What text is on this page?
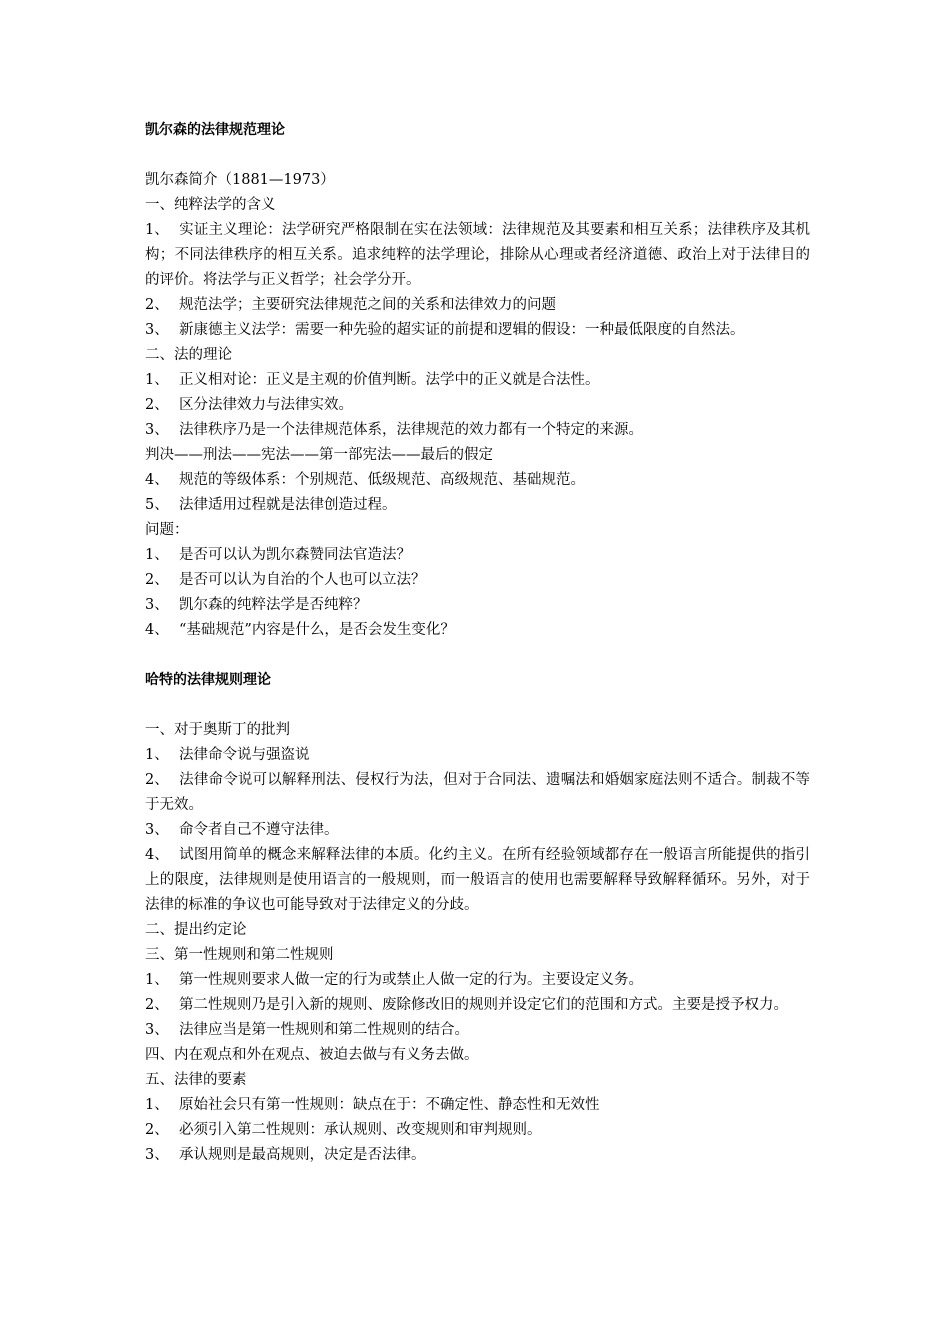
凯尔森的法律规范理论

凯尔森简介（1881—1973）

一、纯粹法学的含义

1、 实证主义理论：法学研究严格限制在实在法领域：法律规范及其要素和相互关系；法律秩序及其机构；不同法律秩序的相互关系。追求纯粹的法学理论，排除从心理或者经济道德、政治上对于法律目的的评价。将法学与正义哲学；社会学分开。

2、 规范法学；主要研究法律规范之间的关系和法律效力的问题

3、 新康德主义法学：需要一种先验的超实证的前提和逻辑的假设：一种最低限度的自然法。

二、法的理论

1、 正义相对论：正义是主观的价值判断。法学中的正义就是合法性。

2、 区分法律效力与法律实效。

3、 法律秩序乃是一个法律规范体系，法律规范的效力都有一个特定的来源。

判决——刑法——宪法——第一部宪法——最后的假定

4、 规范的等级体系：个别规范、低级规范、高级规范、基础规范。

5、 法律适用过程就是法律创造过程。

问题：

1、 是否可以认为凯尔森赞同法官造法？

2、 是否可以认为自治的个人也可以立法？

3、 凯尔森的纯粹法学是否纯粹？

4、 “基础规范”内容是什么，是否会发生变化？

哈特的法律规则理论

一、对于奥斯丁的批判

1、 法律命令说与强盗说

2、 法律命令说可以解释刑法、侵权行为法，但对于合同法、遗嘱法和婚姻家庭法则不适合。制裁不等于无效。

3、 命令者自己不遵守法律。

4、 试图用简单的概念来解释法律的本质。化约主义。在所有经验领域都存在一般语言所能提供的指引上的限度，法律规则是使用语言的一般规则，而一般语言的使用也需要解释导致解释循环。另外，对于法律的标准的争议也可能导致对于法律定义的分歧。

二、提出约定论

三、第一性规则和第二性规则

1、 第一性规则要求人做一定的行为或禁止人做一定的行为。主要设定义务。

2、 第二性规则乃是引入新的规则、废除修改旧的规则并设定它们的范围和方式。主要是授予权力。

3、 法律应当是第一性规则和第二性规则的结合。

四、内在观点和外在观点、被迫去做与有义务去做。

五、法律的要素

1、 原始社会只有第一性规则：缺点在于：不确定性、静态性和无效性

2、 必须引入第二性规则：承认规则、改变规则和审判规则。

3、 承认规则是最高规则，决定是否法律。
